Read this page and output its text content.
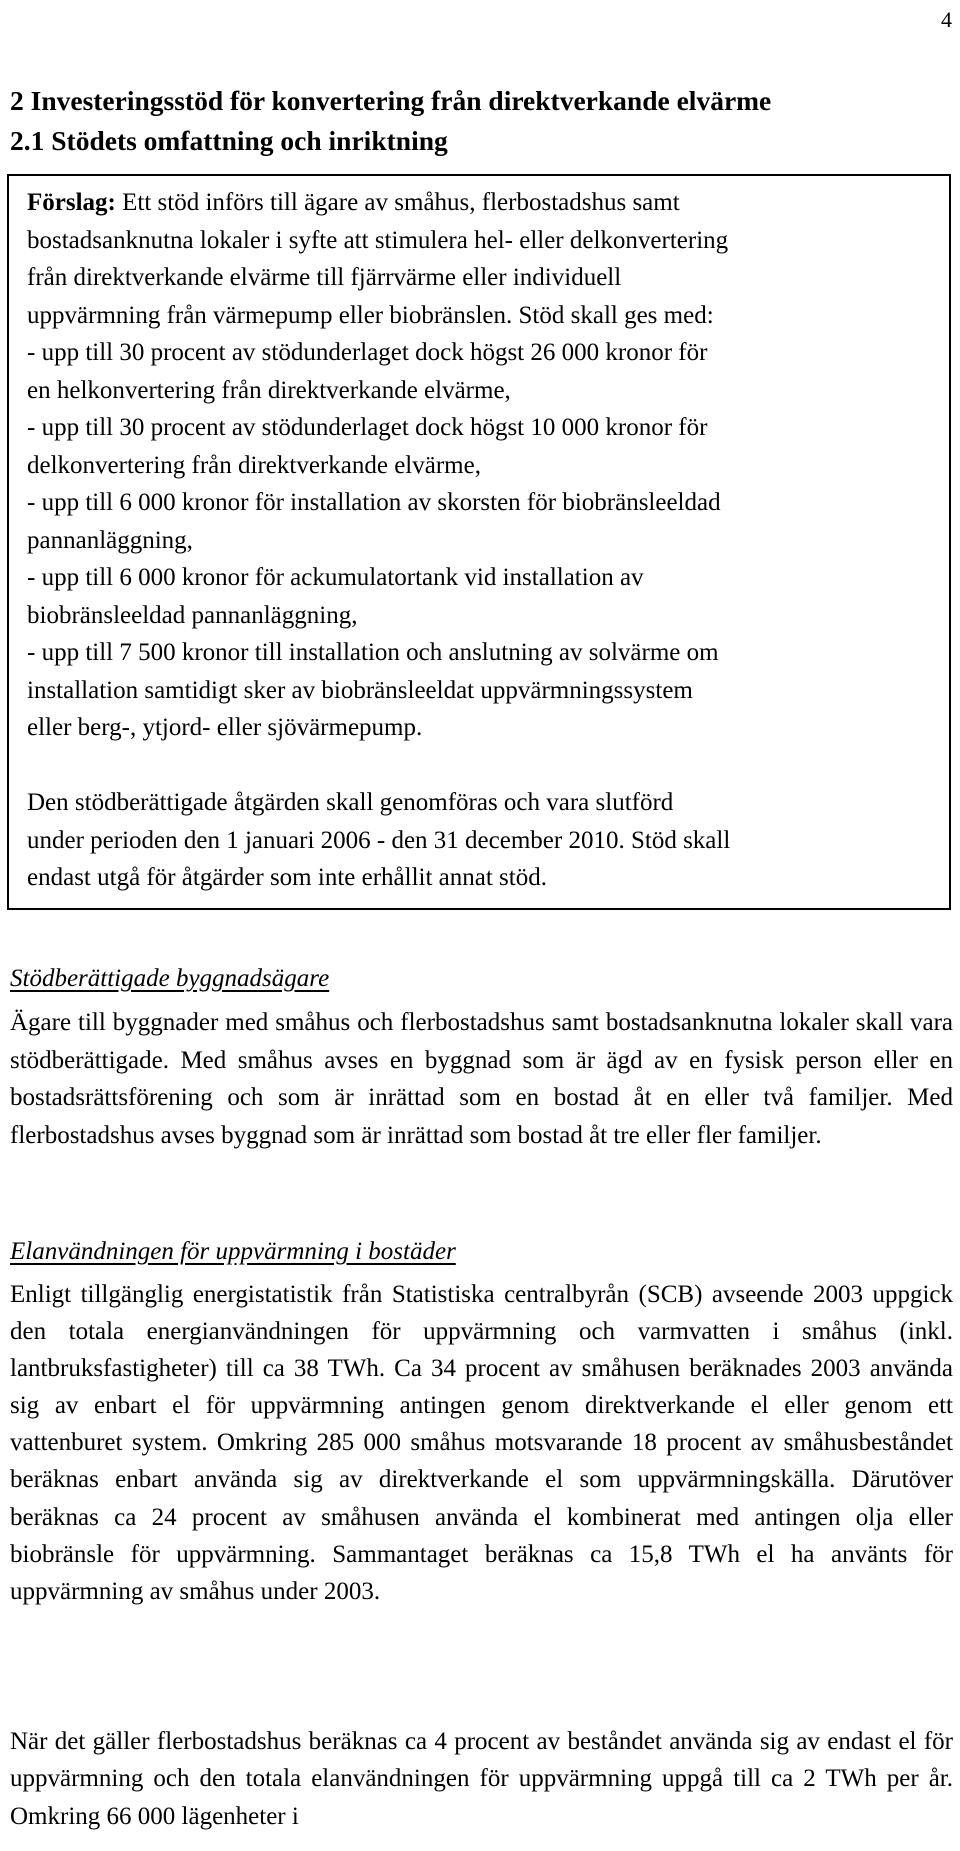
4
2 Investeringsstöd för konvertering från direktverkande elvärme
2.1 Stödets omfattning och inriktning
Förslag: Ett stöd införs till ägare av småhus, flerbostadshus samt
bostadsanknutna lokaler i syfte att stimulera hel- eller delkonvertering
från direktverkande elvärme till fjärrvärme eller individuell
uppvärmning från värmepump eller biobränslen. Stöd skall ges med:
- upp till 30 procent av stödunderlaget dock högst 26 000 kronor för
en helkonvertering från direktverkande elvärme,
- upp till 30 procent av stödunderlaget dock högst 10 000 kronor för
delkonvertering från direktverkande elvärme,
- upp till 6 000 kronor för installation av skorsten för biobränsleeldad
pannanläggning,
- upp till 6 000 kronor för ackumulatortank vid installation av
biobränsleeldad pannanläggning,
- upp till 7 500 kronor till installation och anslutning av solvärme om
installation samtidigt sker av biobränsleeldat uppvärmningssystem
eller berg-, ytjord- eller sjövärmepump.
Den stödberättigade åtgärden skall genomföras och vara slutförd
under perioden den 1 januari 2006 - den 31 december 2010. Stöd skall
endast utgå för åtgärder som inte erhållit annat stöd.
Stödberättigade byggnadsägare

Ägare till byggnader med småhus och flerbostadshus samt bostadsanknutna lokaler skall vara stödberättigade. Med småhus avses en byggnad som är ägd av en fysisk person eller en bostadsrättsförening och som är inrättad som en bostad åt en eller två familjer. Med flerbostadshus avses byggnad som är inrättad som bostad åt tre eller fler familjer.

Elanvändningen för uppvärmning i bostäder

Enligt tillgänglig energistatistik från Statistiska centralbyrån (SCB) avseende 2003 uppgick den totala energianvändningen för uppvärmning och varmvatten i småhus (inkl. lantbruksfastigheter) till ca 38 TWh. Ca 34 procent av småhusen beräknades 2003 använda sig av enbart el för uppvärmning antingen genom direktverkande el eller genom ett vattenburet system. Omkring 285 000 småhus motsvarande 18 procent av småhusbeståndet beräknas enbart använda sig av direktverkande el som uppvärmningskälla. Därutöver beräknas ca 24 procent av småhusen använda el kombinerat med antingen olja eller biobränsle för uppvärmning. Sammantaget beräknas ca 15,8 TWh el ha använts för uppvärmning av småhus under 2003.

När det gäller flerbostadshus beräknas ca 4 procent av beståndet använda sig av endast el för uppvärmning och den totala elanvändningen för uppvärmning uppgå till ca 2 TWh per år. Omkring 66 000 lägenheter i
